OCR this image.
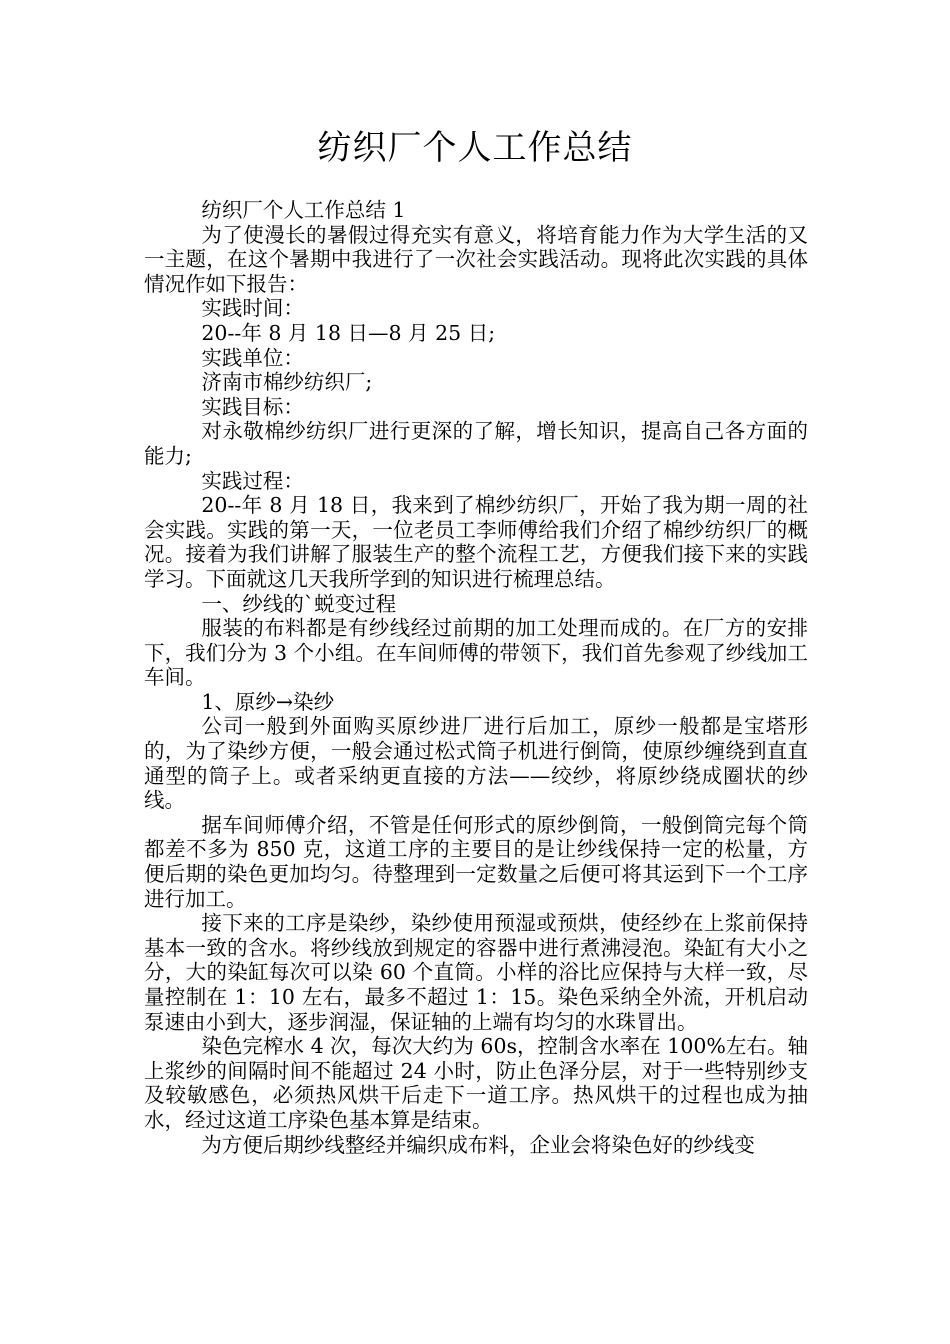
纺织厂个人工作总结

纺织厂个人工作总结 1

为了使漫长的暑假过得充实有意义，将培育能力作为大学生活的又一主题，在这个暑期中我进行了一次社会实践活动。现将此次实践的具体情况作如下报告：

实践时间：

20--年 8 月 18 日—8 月 25 日;

实践单位：

济南市棉纱纺织厂;

实践目标：

对永敬棉纱纺织厂进行更深的了解，增长知识，提高自己各方面的能力;

实践过程：

20--年 8 月 18 日，我来到了棉纱纺织厂，开始了我为期一周的社会实践。实践的第一天，一位老员工李师傅给我们介绍了棉纱纺织厂的概况。接着为我们讲解了服装生产的整个流程工艺，方便我们接下来的实践学习。下面就这几天我所学到的知识进行梳理总结。

一、纱线的`蜕变过程

服装的布料都是有纱线经过前期的加工处理而成的。在厂方的安排下，我们分为 3 个小组。在车间师傅的带领下，我们首先参观了纱线加工车间。

1、原纱→染纱

公司一般到外面购买原纱进厂进行后加工，原纱一般都是宝塔形的，为了染纱方便，一般会通过松式筒子机进行倒筒，使原纱缠绕到直直通型的筒子上。或者采纳更直接的方法——绞纱，将原纱绕成圈状的纱线。

据车间师傅介绍，不管是任何形式的原纱倒筒，一般倒筒完每个筒都差不多为 850 克，这道工序的主要目的是让纱线保持一定的松量，方便后期的染色更加均匀。待整理到一定数量之后便可将其运到下一个工序进行加工。

接下来的工序是染纱，染纱使用预湿或预烘，使经纱在上浆前保持基本一致的含水。将纱线放到规定的容器中进行煮沸浸泡。染缸有大小之分，大的染缸每次可以染 60 个直筒。小样的浴比应保持与大样一致，尽量控制在 1：10 左右，最多不超过 1：15。染色采纳全外流，开机启动泵速由小到大，逐步润湿，保证轴的上端有均匀的水珠冒出。

染色完榨水 4 次，每次大约为 60s，控制含水率在 100%左右。轴上浆纱的间隔时间不能超过 24 小时，防止色泽分层，对于一些特别纱支及较敏感色，必须热风烘干后走下一道工序。热风烘干的过程也成为抽水，经过这道工序染色基本算是结束。

为方便后期纱线整经并编织成布料，企业会将染色好的纱线变
